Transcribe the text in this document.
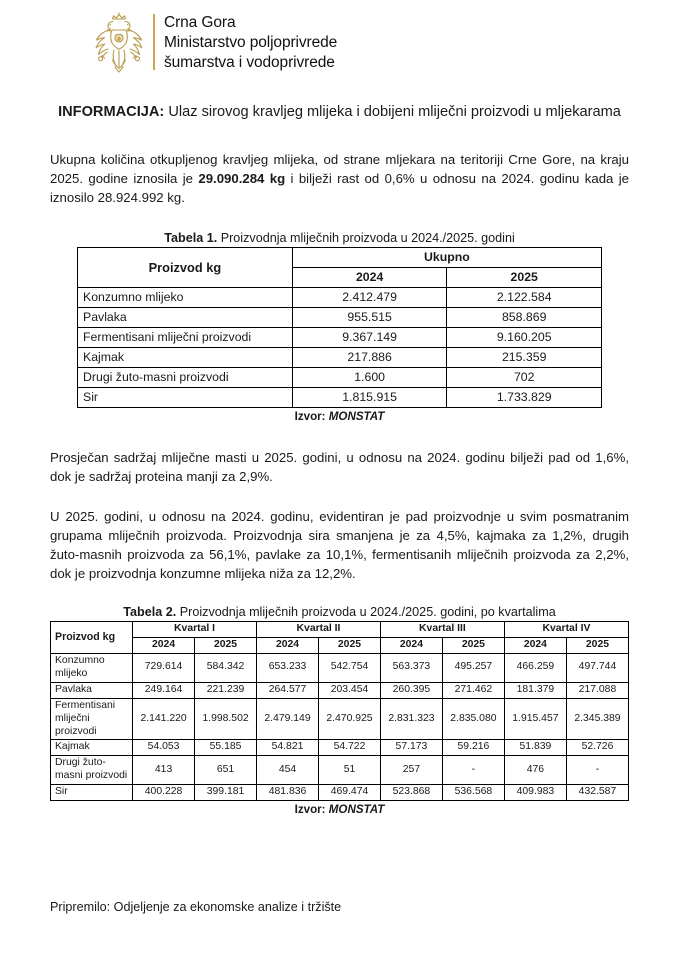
Crna Gora
Ministarstvo poljoprivrede
šumarstva i vodoprivrede

INFORMACIJA: Ulaz sirovog kravljeg mlijeka i dobijeni mliječni proizvodi u mljekarama

Ukupna količina otkupljenog kravljeg mlijeka, od strane mljekara na teritoriji Crne Gore, na kraju 2025. godine iznosila je 29.090.284 kg i bilježi rast od 0,6% u odnosu na 2024. godinu kada je iznosilo 28.924.992 kg.

Tabela 1. Proizvodnja mliječnih proizvoda u 2024./2025. godini

Proizvod kg	Ukupno	
	2024	2025
Konzumno mlijeko	2.412.479	2.122.584
Pavlaka	955.515	858.869
Fermentisani mliječni proizvodi	9.367.149	9.160.205
Kajmak	217.886	215.359
Drugi žuto-masni proizvodi	1.600	702
Sir	1.815.915	1.733.829

Izvor: MONSTAT

Prosječan sadržaj mliječne masti u 2025. godini, u odnosu na 2024. godinu bilježi pad od 1,6%, dok je sadržaj proteina manji za 2,9%.

U 2025. godini, u odnosu na 2024. godinu, evidentiran je pad proizvodnje u svim posmatranim grupama mliječnih proizvoda. Proizvodnja sira smanjena je za 4,5%, kajmaka za 1,2%, drugih žuto-masnih proizvoda za 56,1%, pavlake za 10,1%, fermentisanih mliječnih proizvoda za 2,2%, dok je proizvodnja konzumne mlijeka niža za 12,2%.

Tabela 2. Proizvodnja mliječnih proizvoda u 2024./2025. godini, po kvartalima

Proizvod kg	Kvartal I		Kvartal II		Kvartal III		Kvartal IV	
	2024	2025	2024	2025	2024	2025	2024	2025
Konzumno mlijeko	729.614	584.342	653.233	542.754	563.373	495.257	466.259	497.744
Pavlaka	249.164	221.239	264.577	203.454	260.395	271.462	181.379	217.088
Fermentisani mliječni proizvodi	2.141.220	1.998.502	2.479.149	2.470.925	2.831.323	2.835.080	1.915.457	2.345.389
Kajmak	54.053	55.185	54.821	54.722	57.173	59.216	51.839	52.726
Drugi žuto-masni proizvodi	413	651	454	51	257	-	476	-
Sir	400.228	399.181	481.836	469.474	523.868	536.568	409.983	432.587

Izvor: MONSTAT

Pripremilo: Odjeljenje za ekonomske analize i tržište
